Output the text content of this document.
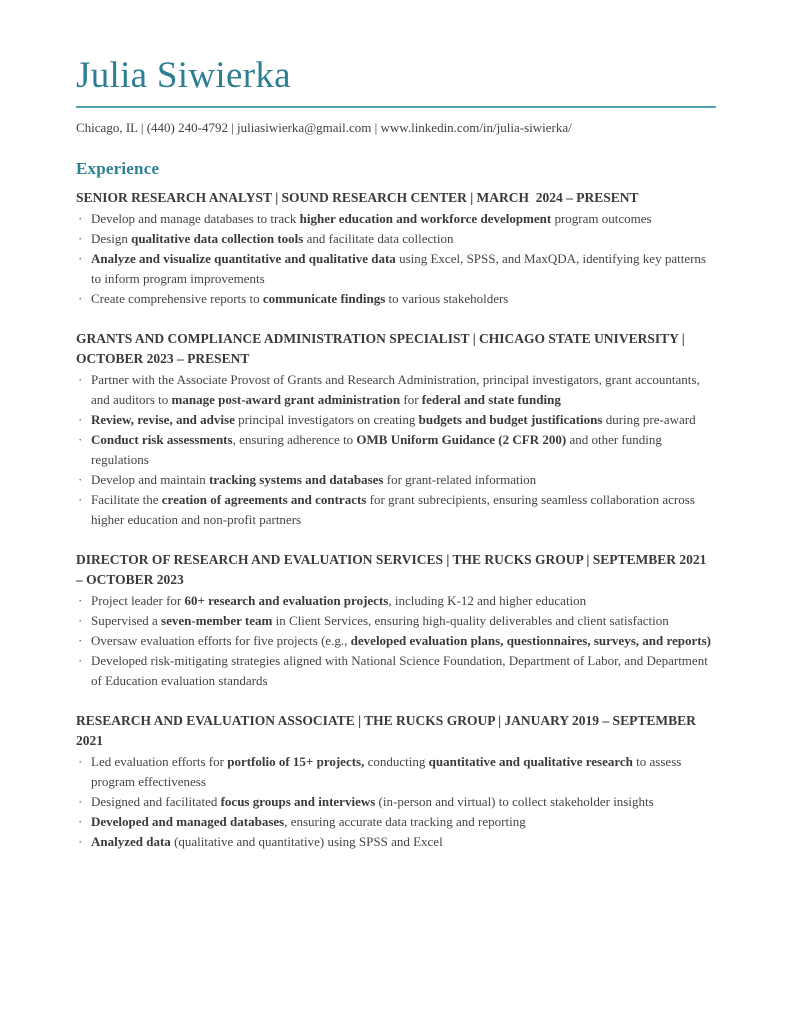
Julia Siwierka

Chicago, IL | (440) 240-4792 | juliasiwierka@gmail.com | www.linkedin.com/in/julia-siwierka/

Experience
SENIOR RESEARCH ANALYST | SOUND RESEARCH CENTER | MARCH  2024 – PRESENT
· Develop and manage databases to track higher education and workforce development program outcomes
· Design qualitative data collection tools and facilitate data collection
· Analyze and visualize quantitative and qualitative data using Excel, SPSS, and MaxQDA, identifying key patterns to inform program improvements
· Create comprehensive reports to communicate findings to various stakeholders
GRANTS AND COMPLIANCE ADMINISTRATION SPECIALIST | CHICAGO STATE UNIVERSITY | OCTOBER 2023 – PRESENT
· Partner with the Associate Provost of Grants and Research Administration, principal investigators, grant accountants, and auditors to manage post-award grant administration for federal and state funding
· Review, revise, and advise principal investigators on creating budgets and budget justifications during pre-award
· Conduct risk assessments, ensuring adherence to OMB Uniform Guidance (2 CFR 200) and other funding regulations
· Develop and maintain tracking systems and databases for grant-related information
· Facilitate the creation of agreements and contracts for grant subrecipients, ensuring seamless collaboration across higher education and non-profit partners
DIRECTOR OF RESEARCH AND EVALUATION SERVICES | THE RUCKS GROUP | SEPTEMBER 2021 – OCTOBER 2023
· Project leader for 60+ research and evaluation projects, including K-12 and higher education
· Supervised a seven-member team in Client Services, ensuring high-quality deliverables and client satisfaction
· Oversaw evaluation efforts for five projects (e.g., developed evaluation plans, questionnaires, surveys, and reports)
· Developed risk-mitigating strategies aligned with National Science Foundation, Department of Labor, and Department of Education evaluation standards
RESEARCH AND EVALUATION ASSOCIATE | THE RUCKS GROUP | JANUARY 2019 – SEPTEMBER 2021
· Led evaluation efforts for portfolio of 15+ projects, conducting quantitative and qualitative research to assess program effectiveness
· Designed and facilitated focus groups and interviews (in-person and virtual) to collect stakeholder insights
· Developed and managed databases, ensuring accurate data tracking and reporting
· Analyzed data (qualitative and quantitative) using SPSS and Excel
